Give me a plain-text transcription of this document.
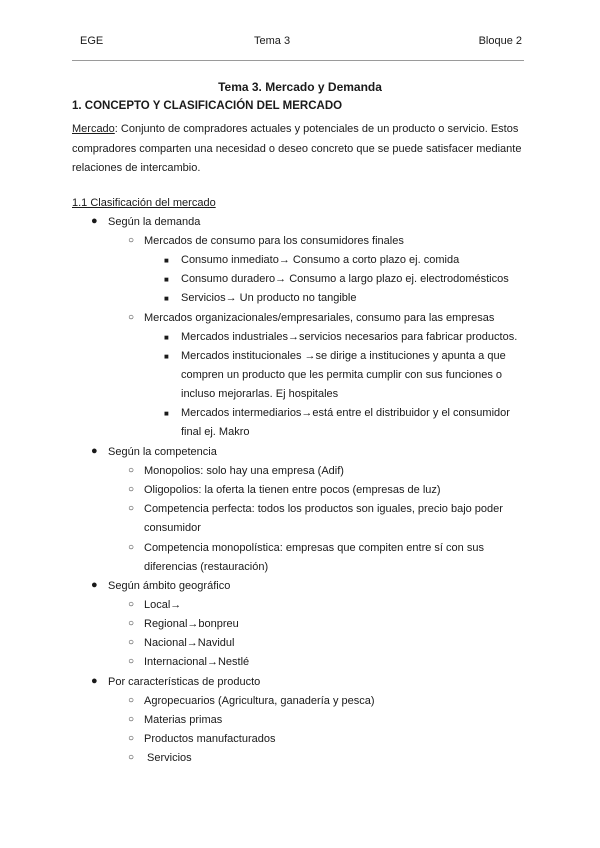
EGE	Tema 3	Bloque 2
Tema 3. Mercado y Demanda
1. CONCEPTO Y CLASIFICACIÓN DEL MERCADO
Mercado: Conjunto de compradores actuales y potenciales de un producto o servicio. Estos compradores comparten una necesidad o deseo concreto que se puede satisfacer mediante relaciones de intercambio.
1.1 Clasificación del mercado
● Según la demanda
○ Mercados de consumo para los consumidores finales
■ Consumo inmediato→ Consumo a corto plazo ej. comida
■ Consumo duradero→ Consumo a largo plazo ej. electrodomésticos
■ Servicios→ Un producto no tangible
○ Mercados organizacionales/empresariales, consumo para las empresas
■ Mercados industriales→servicios necesarios para fabricar productos.
■ Mercados institucionales →se dirige a instituciones y apunta a que
compren un producto que les permita cumplir con sus funciones o
incluso mejorarlas. Ej hospitales
■ Mercados intermediarios→está entre el distribuidor y el consumidor
final ej. Makro
● Según la competencia
○ Monopolios: solo hay una empresa (Adif)
○ Oligopolios: la oferta la tienen entre pocos (empresas de luz)
○ Competencia perfecta: todos los productos son iguales, precio bajo poder
consumidor
○ Competencia monopolística: empresas que compiten entre sí con sus
diferencias (restauración)
● Según ámbito geográfico
○ Local→
○ Regional→bonpreu
○ Nacional→Navidul
○ Internacional→Nestlé
● Por características de producto
○ Agropecuarios (Agricultura, ganadería y pesca)
○ Materias primas
○ Productos manufacturados
○ Servicios
